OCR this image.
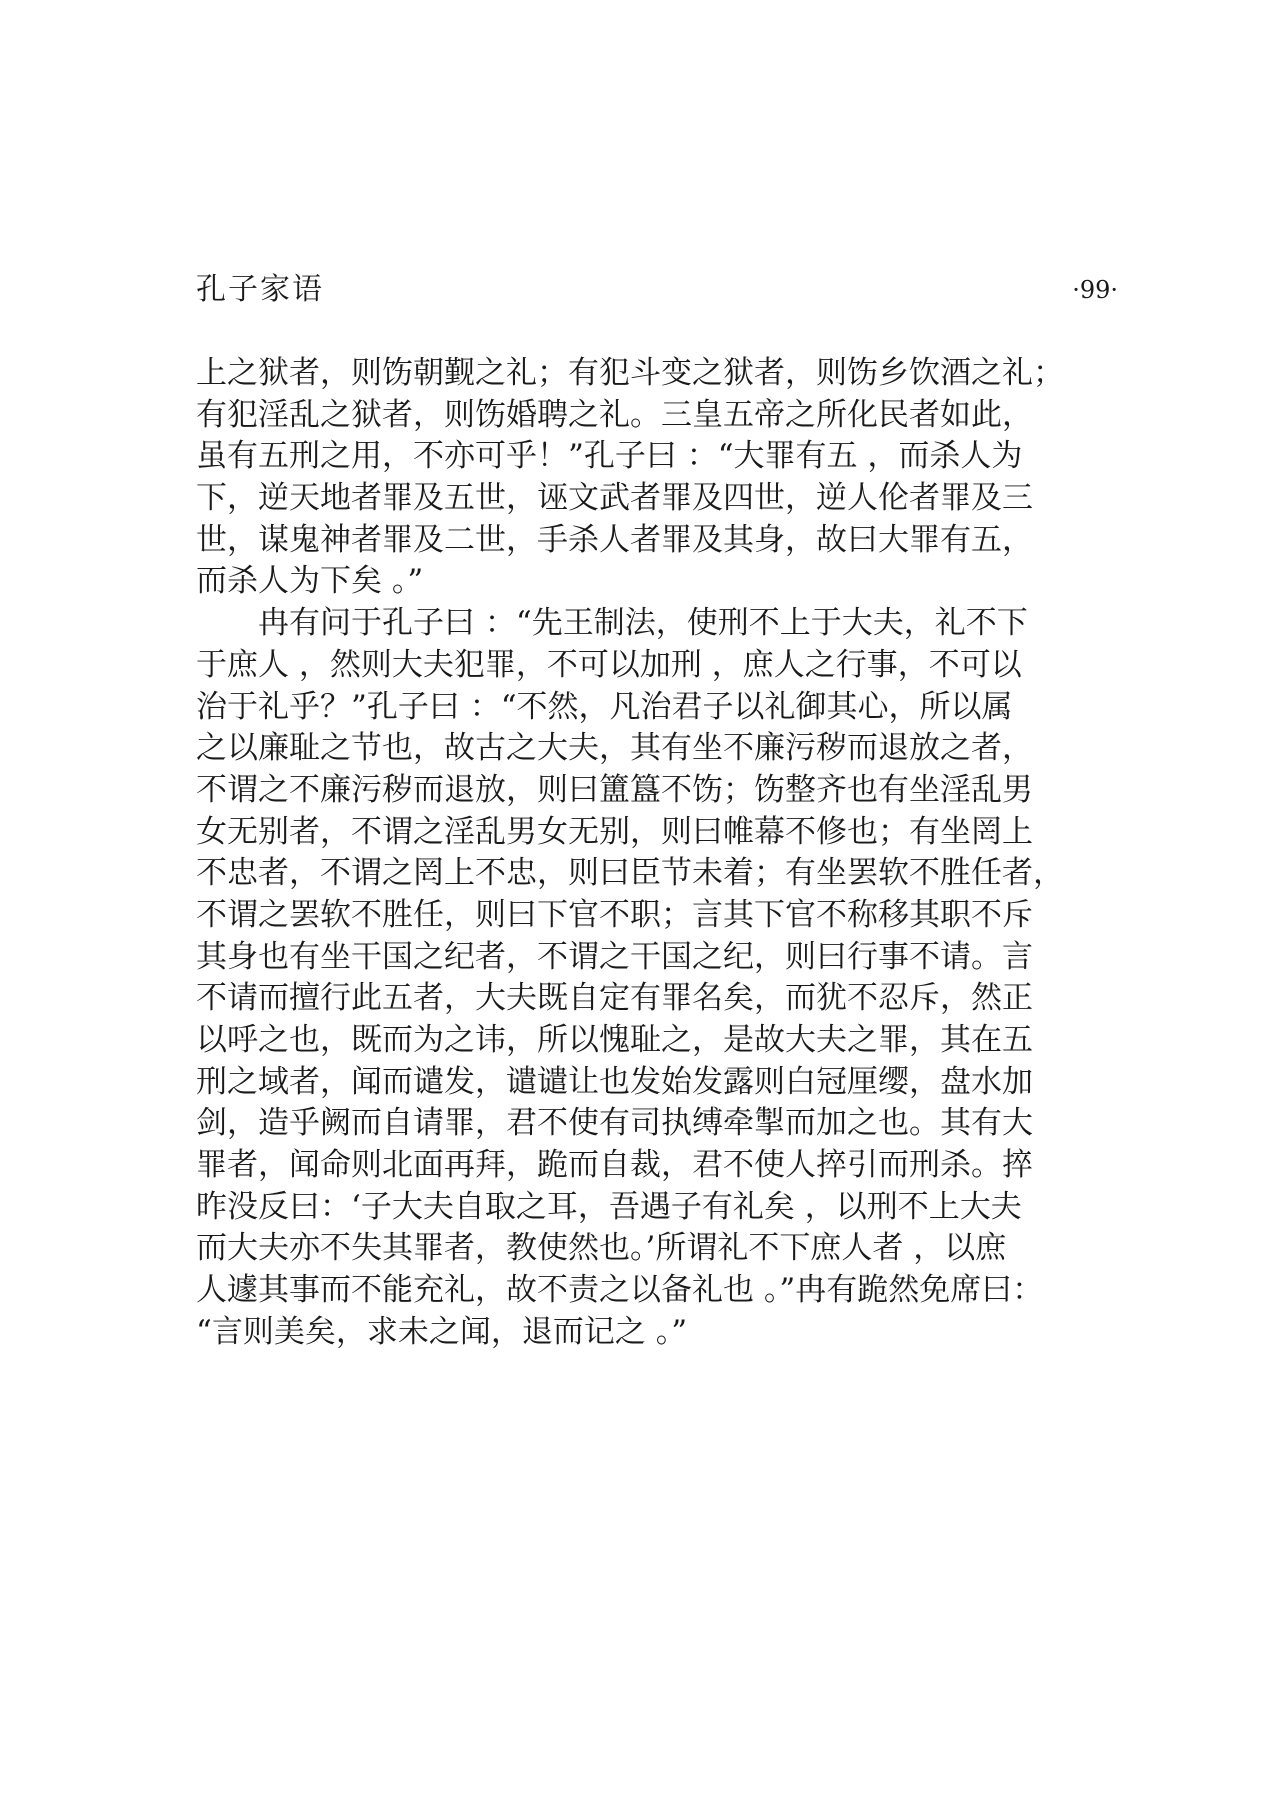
孔子家语	·99·
上之狱者，则饬朝觐之礼；有犯斗变之狱者，则饬乡饮酒之礼；
有犯淫乱之狱者，则饬婚聘之礼。三皇五帝之所化民者如此，
虽有五刑之用，不亦可乎！”孔子曰 ：“大罪有五 ，而杀人为
下，逆天地者罪及五世，诬文武者罪及四世，逆人伦者罪及三
世，谋鬼神者罪及二世，手杀人者罪及其身，故曰大罪有五，
而杀人为下矣 。”
冉有问于孔子曰 ：“先王制法，使刑不上于大夫，礼不下
于庶人 ，然则大夫犯罪，不可以加刑 ，庶人之行事，不可以
治于礼乎？”孔子曰 ：“不然，凡治君子以礼御其心，所以属
之以廉耻之节也，故古之大夫，其有坐不廉污秽而退放之者，
不谓之不廉污秽而退放，则曰簠簋不饬；饬整齐也有坐淫乱男
女无别者，不谓之淫乱男女无别，则曰帷幕不修也；有坐罔上
不忠者，不谓之罔上不忠，则曰臣节未着；有坐罢软不胜任者，
不谓之罢软不胜任，则曰下官不职；言其下官不称移其职不斥
其身也有坐干国之纪者，不谓之干国之纪，则曰行事不请。言
不请而擅行此五者，大夫既自定有罪名矣，而犹不忍斥，然正
以呼之也，既而为之讳，所以愧耻之，是故大夫之罪，其在五
刑之域者，闻而谴发，谴谴让也发始发露则白冠厘缨，盘水加
剑，造乎阙而自请罪，君不使有司执缚牵掣而加之也。其有大
罪者，闻命则北面再拜，跪而自裁，君不使人捽引而刑杀。捽
昨没反曰：‘子大夫自取之耳，吾遇子有礼矣 ，以刑不上大夫
而大夫亦不失其罪者，教使然也。’所谓礼不下庶人者 ，以庶
人遽其事而不能充礼，故不责之以备礼也 。”冉有跪然免席曰：
“言则美矣，求未之闻，退而记之 。”
